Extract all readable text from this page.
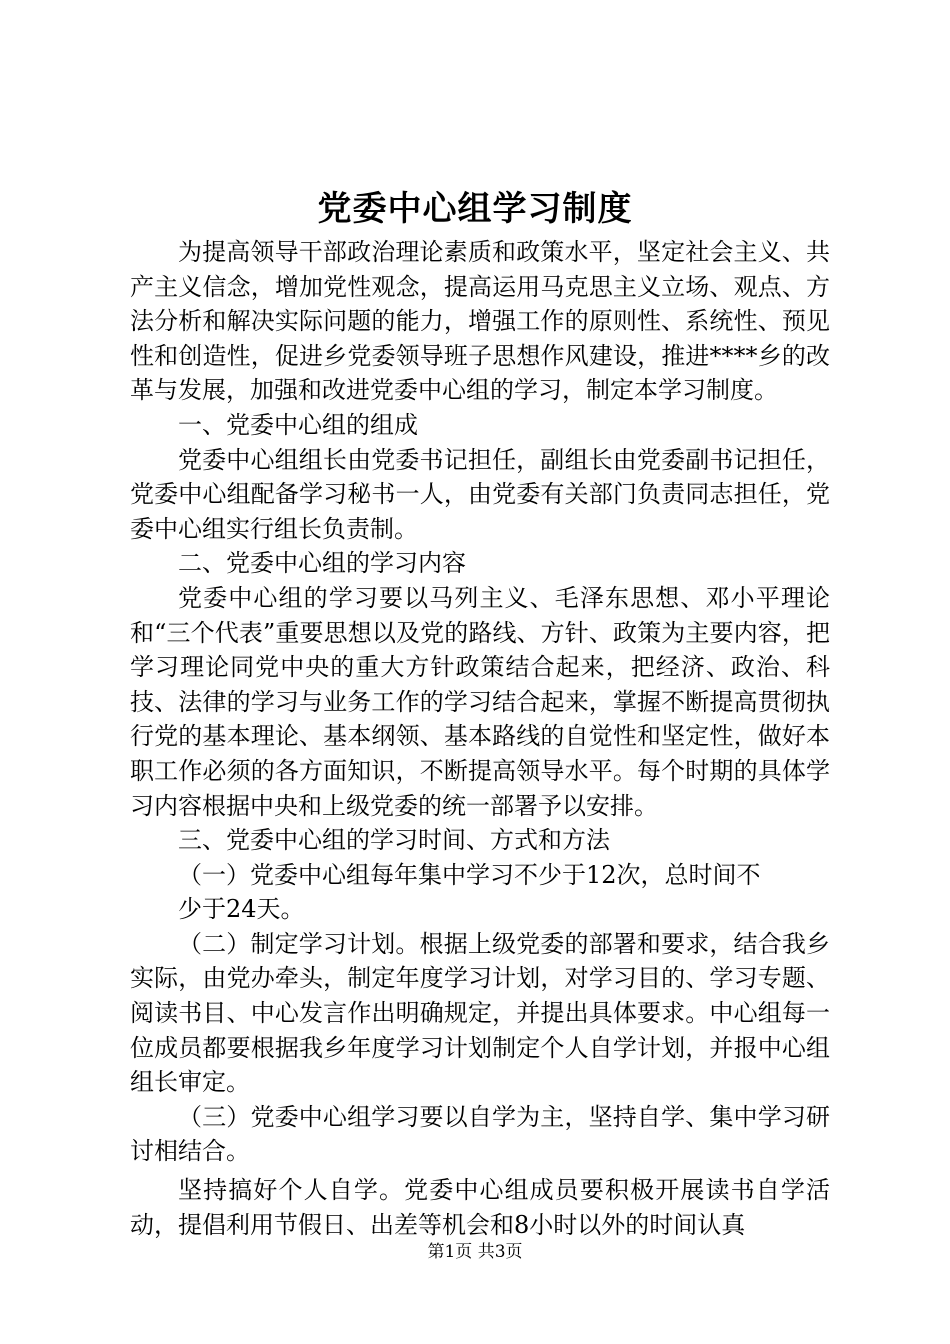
党委中心组学习制度

为提高领导干部政治理论素质和政策水平，坚定社会主义、共产主义信念，增加党性观念，提高运用马克思主义立场、观点、方法分析和解决实际问题的能力，增强工作的原则性、系统性、预见性和创造性，促进乡党委领导班子思想作风建设，推进****乡的改革与发展，加强和改进党委中心组的学习，制定本学习制度。

一、党委中心组的组成

党委中心组组长由党委书记担任，副组长由党委副书记担任，党委中心组配备学习秘书一人，由党委有关部门负责同志担任，党委中心组实行组长负责制。

二、党委中心组的学习内容

党委中心组的学习要以马列主义、毛泽东思想、邓小平理论和“三个代表”重要思想以及党的路线、方针、政策为主要内容，把学习理论同党中央的重大方针政策结合起来，把经济、政治、科技、法律的学习与业务工作的学习结合起来，掌握不断提高贯彻执行党的基本理论、基本纲领、基本路线的自觉性和坚定性，做好本职工作必须的各方面知识，不断提高领导水平。每个时期的具体学习内容根据中央和上级党委的统一部署予以安排。

三、党委中心组的学习时间、方式和方法

（一）党委中心组每年集中学习不少于12次，总时间不

少于24天。

（二）制定学习计划。根据上级党委的部署和要求，结合我乡实际，由党办牵头，制定年度学习计划，对学习目的、学习专题、阅读书目、中心发言作出明确规定，并提出具体要求。中心组每一位成员都要根据我乡年度学习计划制定个人自学计划，并报中心组组长审定。

（三）党委中心组学习要以自学为主，坚持自学、集中学习研讨相结合。

坚持搞好个人自学。党委中心组成员要积极开展读书自学活动，提倡利用节假日、出差等机会和8小时以外的时间认真

第1页 共3页
